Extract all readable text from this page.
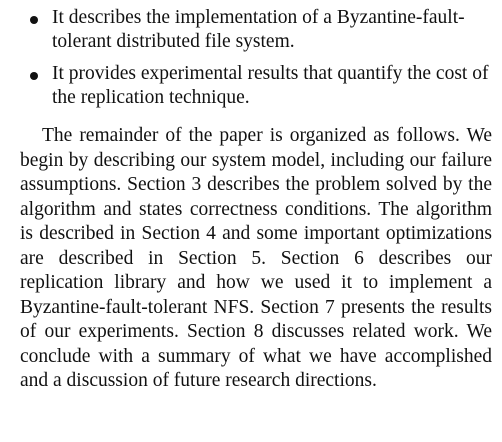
It describes the implementation of a Byzantine-fault-tolerant distributed file system.
It provides experimental results that quantify the cost of the replication technique.

The remainder of the paper is organized as follows. We begin by describing our system model, including our failure assumptions. Section 3 describes the problem solved by the algorithm and states correctness conditions. The algorithm is described in Section 4 and some important optimizations are described in Section 5. Section 6 describes our replication library and how we used it to implement a Byzantine-fault-tolerant NFS. Section 7 presents the results of our experiments. Section 8 discusses related work. We conclude with a summary of what we have accomplished and a discussion of future research directions.
